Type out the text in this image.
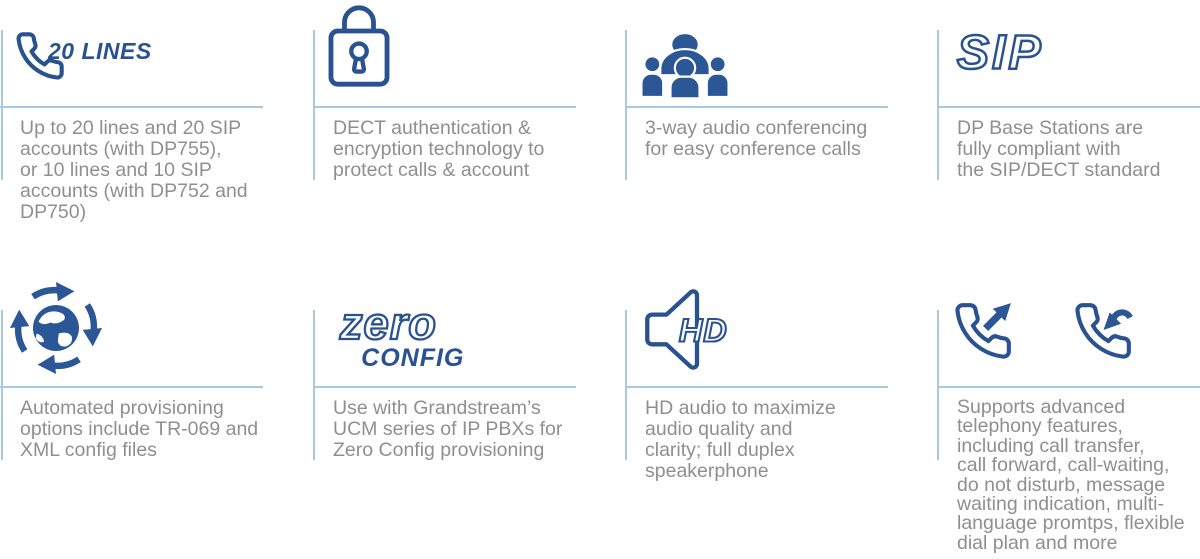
20 LINES
Up to 20 lines and 20 SIP
accounts (with DP755),
or 10 lines and 10 SIP
accounts (with DP752 and
DP750)
DECT authentication &
encryption technology to
protect calls & account
3-way audio conferencing
for easy conference calls
SIP
DP Base Stations are
fully compliant with
the SIP/DECT standard
Automated provisioning
options include TR-069 and
XML config files
zero
CONFIG
Use with Grandstream’s
UCM series of IP PBXs for
Zero Config provisioning
HD
HD audio to maximize
audio quality and
clarity; full duplex
speakerphone
Supports advanced
telephony features,
including call transfer,
call forward, call-waiting,
do not disturb, message
waiting indication, multi-
language promtps, flexible
dial plan and more
